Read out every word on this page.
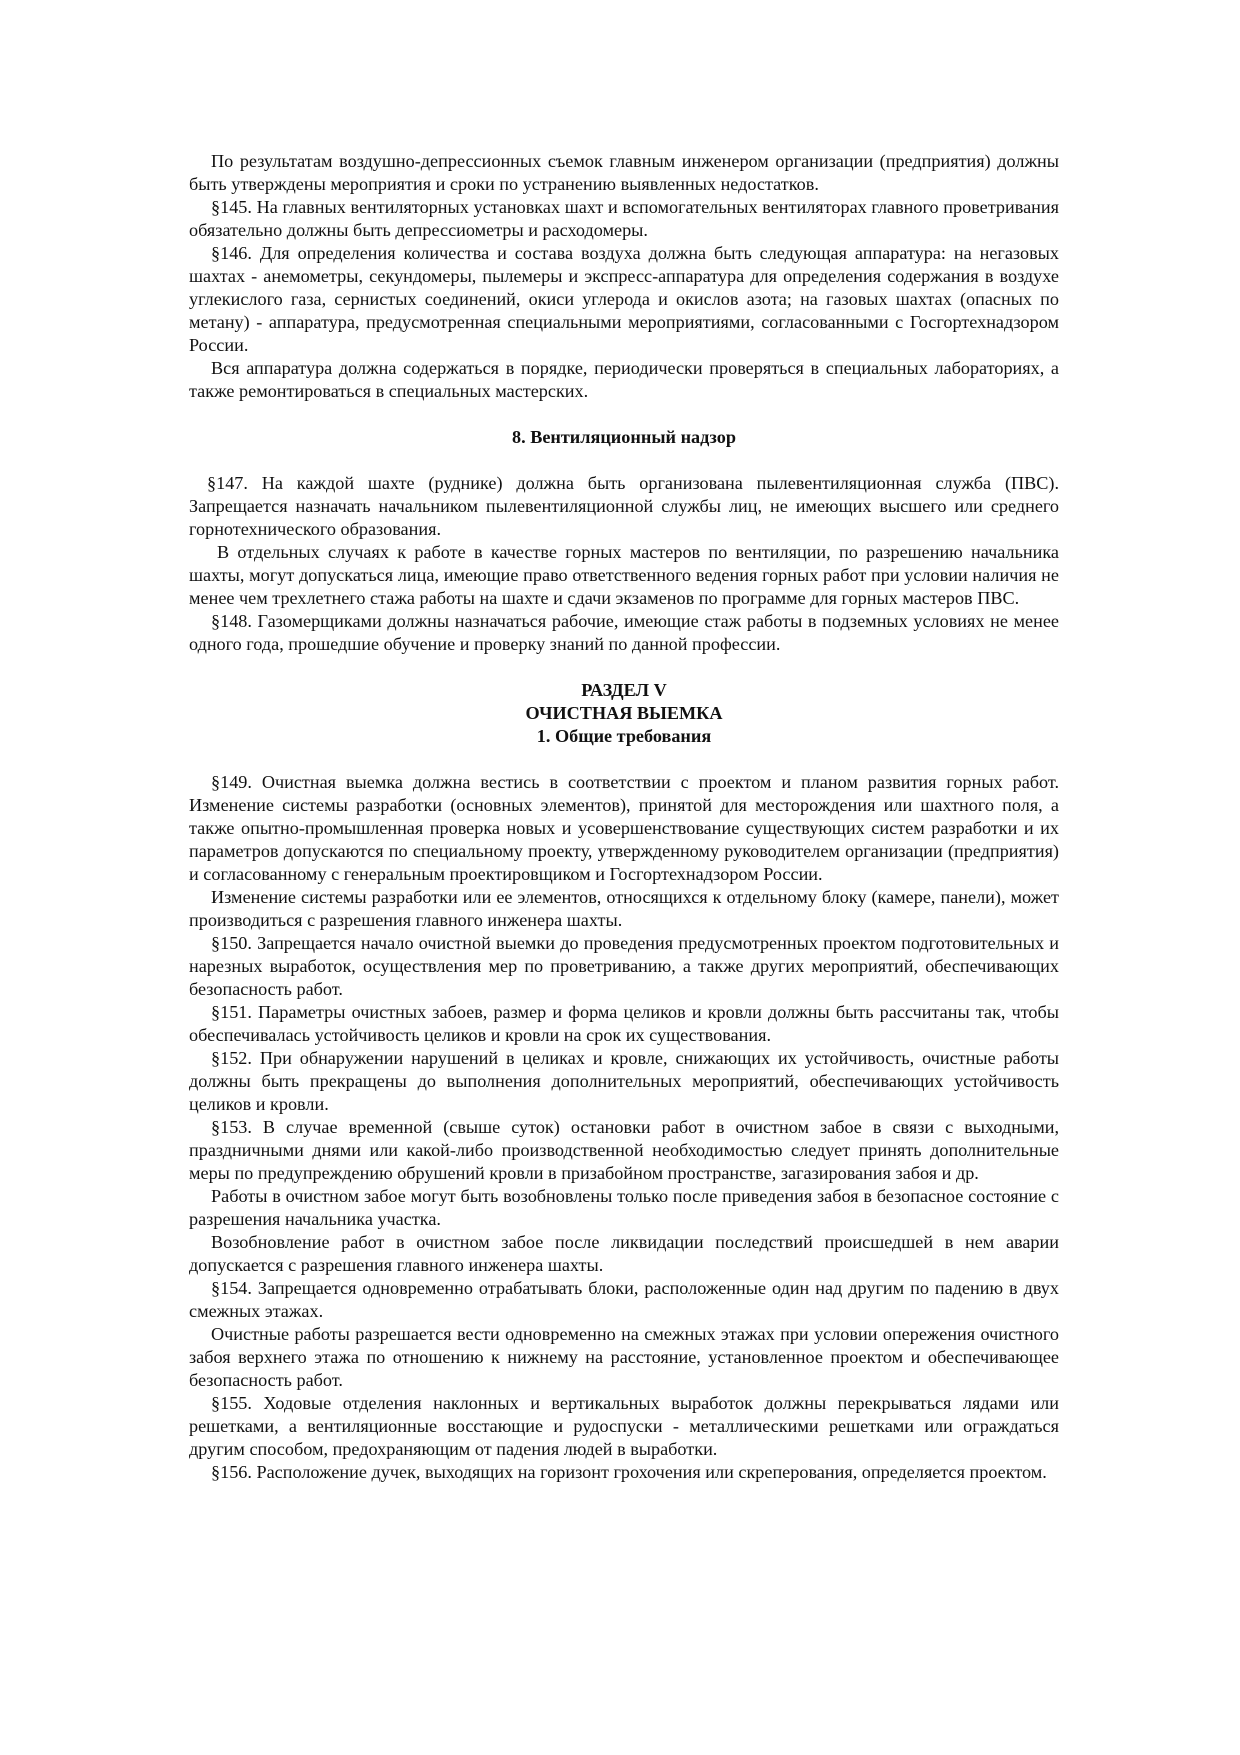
По результатам воздушно-депрессионных съемок главным инженером организации (предприятия) должны быть утверждены мероприятия и сроки по устранению выявленных недостатков.

§145. На главных вентиляторных установках шахт и вспомогательных вентиляторах главного проветривания обязательно должны быть депрессиометры и расходомеры.

§146. Для определения количества и состава воздуха должна быть следующая аппаратура: на негазовых шахтах - анемометры, секундомеры, пылемеры и экспресс-аппаратура для определения содержания в воздухе углекислого газа, сернистых соединений, окиси углерода и окислов азота; на газовых шахтах (опасных по метану) - аппаратура, предусмотренная специальными мероприятиями, согласованными с Госгортехнадзором России.

Вся аппаратура должна содержаться в порядке, периодически проверяться в специальных лабораториях, а также ремонтироваться в специальных мастерских.

8. Вентиляционный надзор

§147. На каждой шахте (руднике) должна быть организована пылевентиляционная служба (ПВС). Запрещается назначать начальником пылевентиляционной службы лиц, не имеющих высшего или среднего горнотехнического образования.

В отдельных случаях к работе в качестве горных мастеров по вентиляции, по разрешению начальника шахты, могут допускаться лица, имеющие право ответственного ведения горных работ при условии наличия не менее чем трехлетнего стажа работы на шахте и сдачи экзаменов по программе для горных мастеров ПВС.

§148. Газомерщиками должны назначаться рабочие, имеющие стаж работы в подземных условиях не менее одного года, прошедшие обучение и проверку знаний по данной профессии.

РАЗДЕЛ V

ОЧИСТНАЯ ВЫЕМКА

1. Общие требования

§149. Очистная выемка должна вестись в соответствии с проектом и планом развития горных работ. Изменение системы разработки (основных элементов), принятой для месторождения или шахтного поля, а также опытно-промышленная проверка новых и усовершенствование существующих систем разработки и их параметров допускаются по специальному проекту, утвержденному руководителем организации (предприятия) и согласованному с генеральным проектировщиком и Госгортехнадзором России.

Изменение системы разработки или ее элементов, относящихся к отдельному блоку (камере, панели), может производиться с разрешения главного инженера шахты.

§150. Запрещается начало очистной выемки до проведения предусмотренных проектом подготовительных и нарезных выработок, осуществления мер по проветриванию, а также других мероприятий, обеспечивающих безопасность работ.

§151. Параметры очистных забоев, размер и форма целиков и кровли должны быть рассчитаны так, чтобы обеспечивалась устойчивость целиков и кровли на срок их существования.

§152. При обнаружении нарушений в целиках и кровле, снижающих их устойчивость, очистные работы должны быть прекращены до выполнения дополнительных мероприятий, обеспечивающих устойчивость целиков и кровли.

§153. В случае временной (свыше суток) остановки работ в очистном забое в связи с выходными, праздничными днями или какой-либо производственной необходимостью следует принять дополнительные меры по предупреждению обрушений кровли в призабойном пространстве, загазирования забоя и др.

Работы в очистном забое могут быть возобновлены только после приведения забоя в безопасное состояние с разрешения начальника участка.

Возобновление работ в очистном забое после ликвидации последствий происшедшей в нем аварии допускается с разрешения главного инженера шахты.

§154. Запрещается одновременно отрабатывать блоки, расположенные один над другим по падению в двух смежных этажах.

Очистные работы разрешается вести одновременно на смежных этажах при условии опережения очистного забоя верхнего этажа по отношению к нижнему на расстояние, установленное проектом и обеспечивающее безопасность работ.

§155. Ходовые отделения наклонных и вертикальных выработок должны перекрываться лядами или решетками, а вентиляционные восстающие и рудоспуски - металлическими решетками или ограждаться другим способом, предохраняющим от падения людей в выработки.

§156. Расположение дучек, выходящих на горизонт грохочения или скреперования, определяется проектом.
